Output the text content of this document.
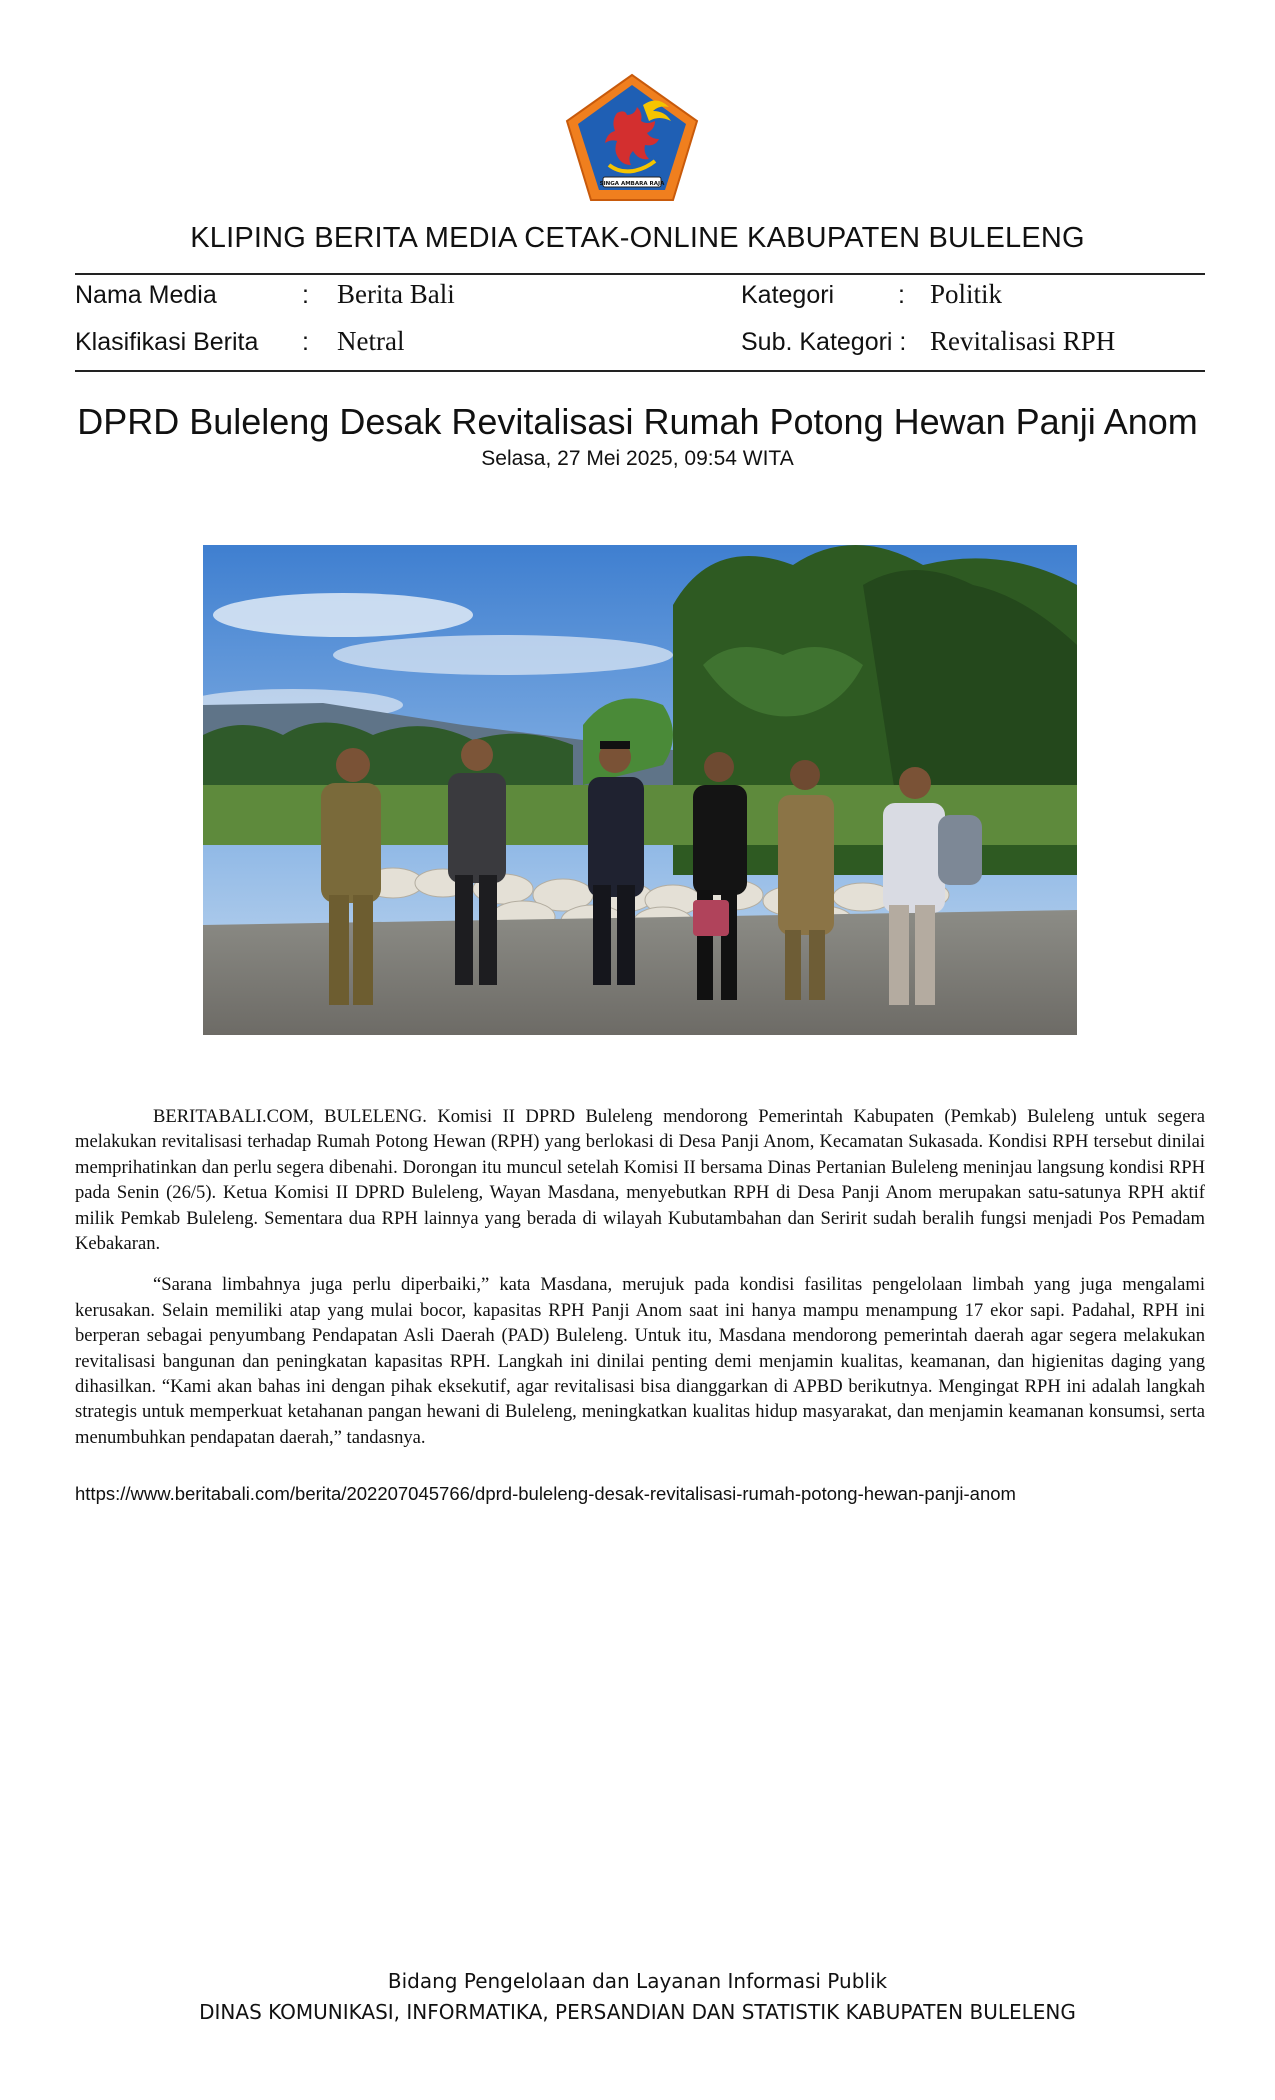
SINGA AMBARA RAJA
KLIPING BERITA MEDIA CETAK-ONLINE KABUPATEN BULELENG
Nama Media	: Berita Bali	Kategori	: Politik
Klasifikasi Berita : Netral	Sub. Kategori : Revitalisasi RPH
DPRD Buleleng Desak Revitalisasi Rumah Potong Hewan Panji Anom
Selasa, 27 Mei 2025, 09:54 WITA

BERITABALI.COM, BULELENG. Komisi II DPRD Buleleng mendorong Pemerintah Kabupaten (Pemkab) Buleleng untuk segera melakukan revitalisasi terhadap Rumah Potong Hewan (RPH) yang berlokasi di Desa Panji Anom, Kecamatan Sukasada. Kondisi RPH tersebut dinilai memprihatinkan dan perlu segera dibenahi. Dorongan itu muncul setelah Komisi II bersama Dinas Pertanian Buleleng meninjau langsung kondisi RPH pada Senin (26/5). Ketua Komisi II DPRD Buleleng, Wayan Masdana, menyebutkan RPH di Desa Panji Anom merupakan satu-satunya RPH aktif milik Pemkab Buleleng. Sementara dua RPH lainnya yang berada di wilayah Kubutambahan dan Seririt sudah beralih fungsi menjadi Pos Pemadam Kebakaran.

“Sarana limbahnya juga perlu diperbaiki,” kata Masdana, merujuk pada kondisi fasilitas pengelolaan limbah yang juga mengalami kerusakan. Selain memiliki atap yang mulai bocor, kapasitas RPH Panji Anom saat ini hanya mampu menampung 17 ekor sapi. Padahal, RPH ini berperan sebagai penyumbang Pendapatan Asli Daerah (PAD) Buleleng. Untuk itu, Masdana mendorong pemerintah daerah agar segera melakukan revitalisasi bangunan dan peningkatan kapasitas RPH. Langkah ini dinilai penting demi menjamin kualitas, keamanan, dan higienitas daging yang dihasilkan. “Kami akan bahas ini dengan pihak eksekutif, agar revitalisasi bisa dianggarkan di APBD berikutnya. Mengingat RPH ini adalah langkah strategis untuk memperkuat ketahanan pangan hewani di Buleleng, meningkatkan kualitas hidup masyarakat, dan menjamin keamanan konsumsi, serta menumbuhkan pendapatan daerah,” tandasnya.

https://www.beritabali.com/berita/202207045766/dprd-buleleng-desak-revitalisasi-rumah-potong-hewan-panji-anom
Bidang Pengelolaan dan Layanan Informasi Publik
DINAS KOMUNIKASI, INFORMATIKA, PERSANDIAN DAN STATISTIK KABUPATEN BULELENG
